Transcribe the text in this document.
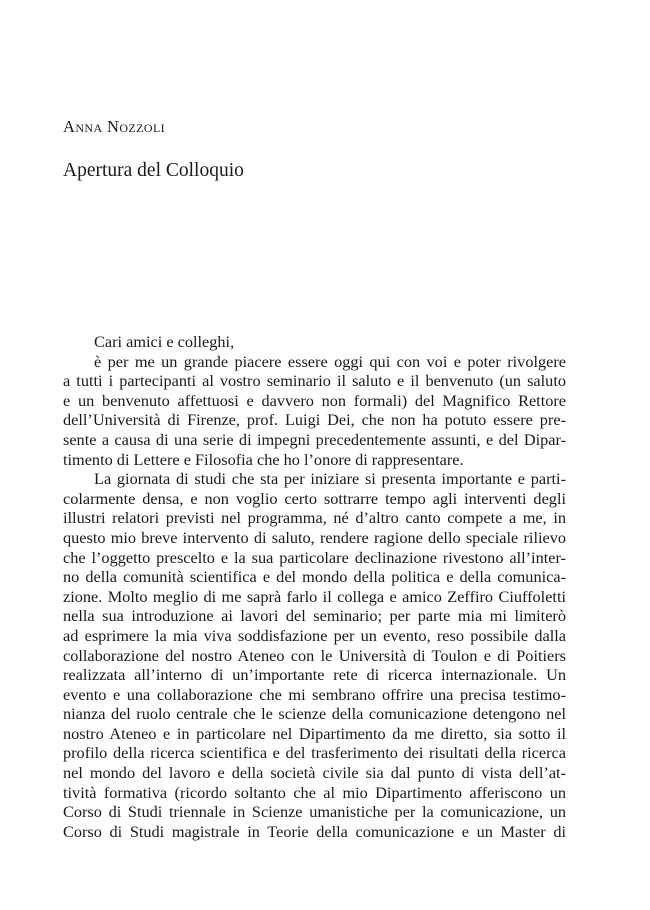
Anna Nozzoli
Apertura del Colloquio
Cari amici e colleghi,
è per me un grande piacere essere oggi qui con voi e poter rivolgere
a tutti i partecipanti al vostro seminario il saluto e il benvenuto (un saluto
e un benvenuto affettuosi e davvero non formali) del Magnifico Rettore
dell’Università di Firenze, prof. Luigi Dei, che non ha potuto essere pre-
sente a causa di una serie di impegni precedentemente assunti, e del Dipar-
timento di Lettere e Filosofia che ho l’onore di rappresentare.
La giornata di studi che sta per iniziare si presenta importante e parti-
colarmente densa, e non voglio certo sottrarre tempo agli interventi degli
illustri relatori previsti nel programma, né d’altro canto compete a me, in
questo mio breve intervento di saluto, rendere ragione dello speciale rilievo
che l’oggetto prescelto e la sua particolare declinazione rivestono all’inter-
no della comunità scientifica e del mondo della politica e della comunica-
zione. Molto meglio di me saprà farlo il collega e amico Zeffiro Ciuffoletti
nella sua introduzione ai lavori del seminario; per parte mia mi limiterò
ad esprimere la mia viva soddisfazione per un evento, reso possibile dalla
collaborazione del nostro Ateneo con le Università di Toulon e di Poitiers
realizzata all’interno di un’importante rete di ricerca internazionale. Un
evento e una collaborazione che mi sembrano offrire una precisa testimo-
nianza del ruolo centrale che le scienze della comunicazione detengono nel
nostro Ateneo e in particolare nel Dipartimento da me diretto, sia sotto il
profilo della ricerca scientifica e del trasferimento dei risultati della ricerca
nel mondo del lavoro e della società civile sia dal punto di vista dell’at-
tività formativa (ricordo soltanto che al mio Dipartimento afferiscono un
Corso di Studi triennale in Scienze umanistiche per la comunicazione, un
Corso di Studi magistrale in Teorie della comunicazione e un Master di
